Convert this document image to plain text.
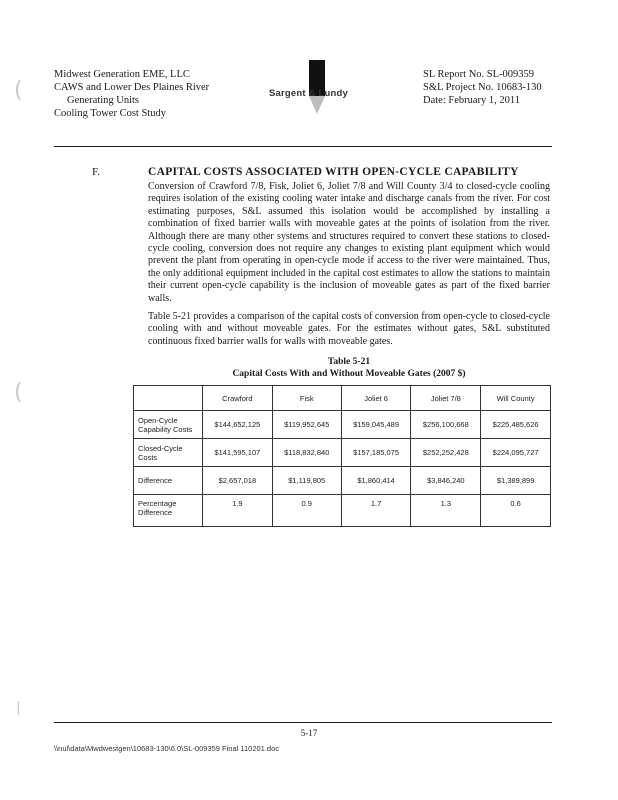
Midwest Generation EME, LLC
CAWS and Lower Des Plaines River
Generating Units
Cooling Tower Cost Study
Sargent & Lundy
SL Report No. SL-009359
S&L Project No. 10683-130
Date: February 1, 2011
F.	CAPITAL COSTS ASSOCIATED WITH OPEN-CYCLE CAPABILITY
Conversion of Crawford 7/8, Fisk, Joliet 6, Joliet 7/8 and Will County 3/4 to closed-cycle cooling requires isolation of the existing cooling water intake and discharge canals from the river. For cost estimating purposes, S&L assumed this isolation would be accomplished by installing a combination of fixed barrier walls with moveable gates at the points of isolation from the river. Although there are many other systems and structures required to convert these stations to closed-cycle cooling, conversion does not require any changes to existing plant equipment which would prevent the plant from operating in open-cycle mode if access to the river were maintained. Thus, the only additional equipment included in the capital cost estimates to allow the stations to maintain their current open-cycle capability is the inclusion of moveable gates as part of the fixed barrier walls.
Table 5-21 provides a comparison of the capital costs of conversion from open-cycle to closed-cycle cooling with and without moveable gates. For the estimates without gates, S&L substituted continuous fixed barrier walls for walls with moveable gates.
Table 5-21
Capital Costs With and Without Moveable Gates (2007 $)
	Crawford	Fisk	Joliet 6	Joliet 7/8	Will County
Open-Cycle Capability Costs	$144,652,125	$119,952,645	$159,045,489	$256,100,668	$225,485,626
Closed-Cycle Costs	$141,595,107	$118,832,840	$157,185,075	$252,252,428	$224,095,727
Difference	$2,657,018	$1,119,805	$1,860,414	$3,846,240	$1,389,899
Percentage Difference	1.9	0.9	1.7	1.3	0.6
5-17
\\nul\data\Mwdwestgen\10683-130\6.0\SL-009359 Final 110201.doc
(
(
|
